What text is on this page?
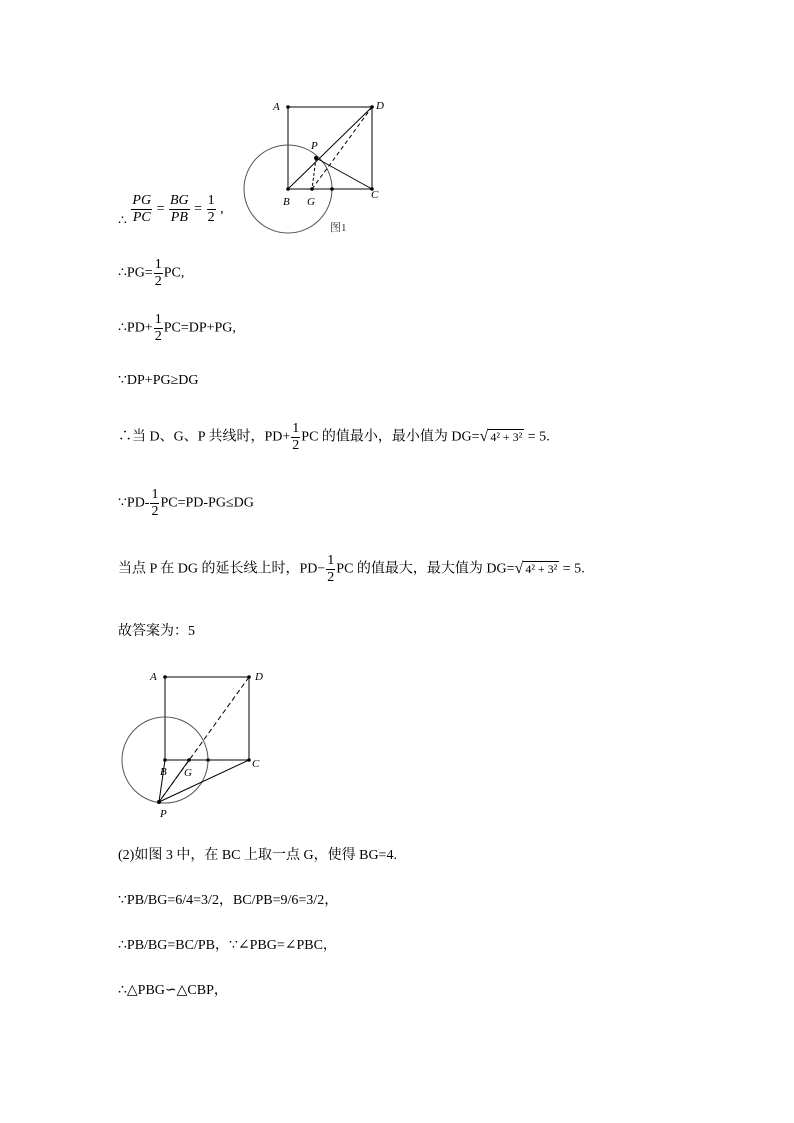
A	D
P
B G
C
图1
∴ $\frac{PG}{PC} = \frac{BG}{PB} = \frac{1}{2}$ ,
∴PG= $\frac{1}{2}$ PC,
∴PD+ $\frac{1}{2} PC=DP+PG$,
∵DP+PG≥DG
∴当 D、G、P 共线时，$PD+ \frac{1}{2}$ PC 的值最小，最小值为 DG=√ 4² + 3² = 5.
∵PD- $\frac{1}{2} PC=PD-PG\le DG$
当点 P 在 DG 的延长线上时，$PD- \frac{1}{2}$ PC 的值最大，最大值为 DG=√ 4² + 3² = 5.
故答案为：5
A	D
B G
C
P
(2)如图 3 中，在 BC 上取一点 G，使得 BG=4.
∵PB/BG=6/4=3/2，BC/PB=9/6=3/2，
∴PB/BG=BC/PB，∵∠PBG=∠PBC，
∴△PBG∽△CBP，
